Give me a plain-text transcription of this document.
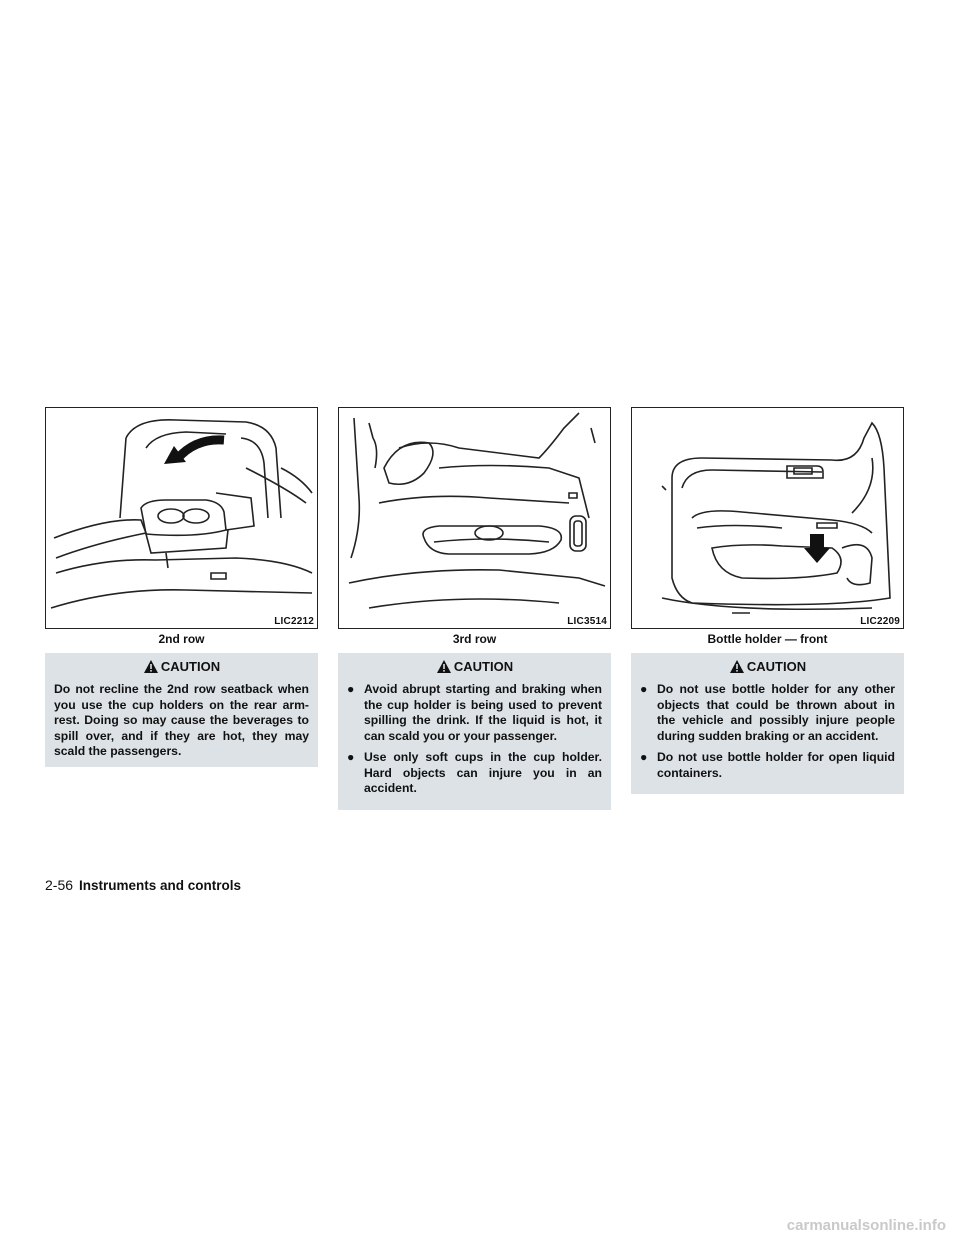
LIC2212
2nd row
CAUTION

Do not recline the 2nd row seatback when you use the cup holders on the rear arm-rest. Doing so may cause the beverages to spill over, and if they are hot, they may scald the passengers.

LIC3514
3rd row
CAUTION
● Avoid abrupt starting and braking when the cup holder is being used to prevent spilling the drink. If the liquid is hot, it can scald you or your passenger.
● Use only soft cups in the cup holder. Hard objects can injure you in an accident.
LIC2209
Bottle holder — front
CAUTION
● Do not use bottle holder for any other objects that could be thrown about in the vehicle and possibly injure people during sudden braking or an accident.
● Do not use bottle holder for open liquid containers.
2-56 Instruments and controls
carmanualsonline.info
